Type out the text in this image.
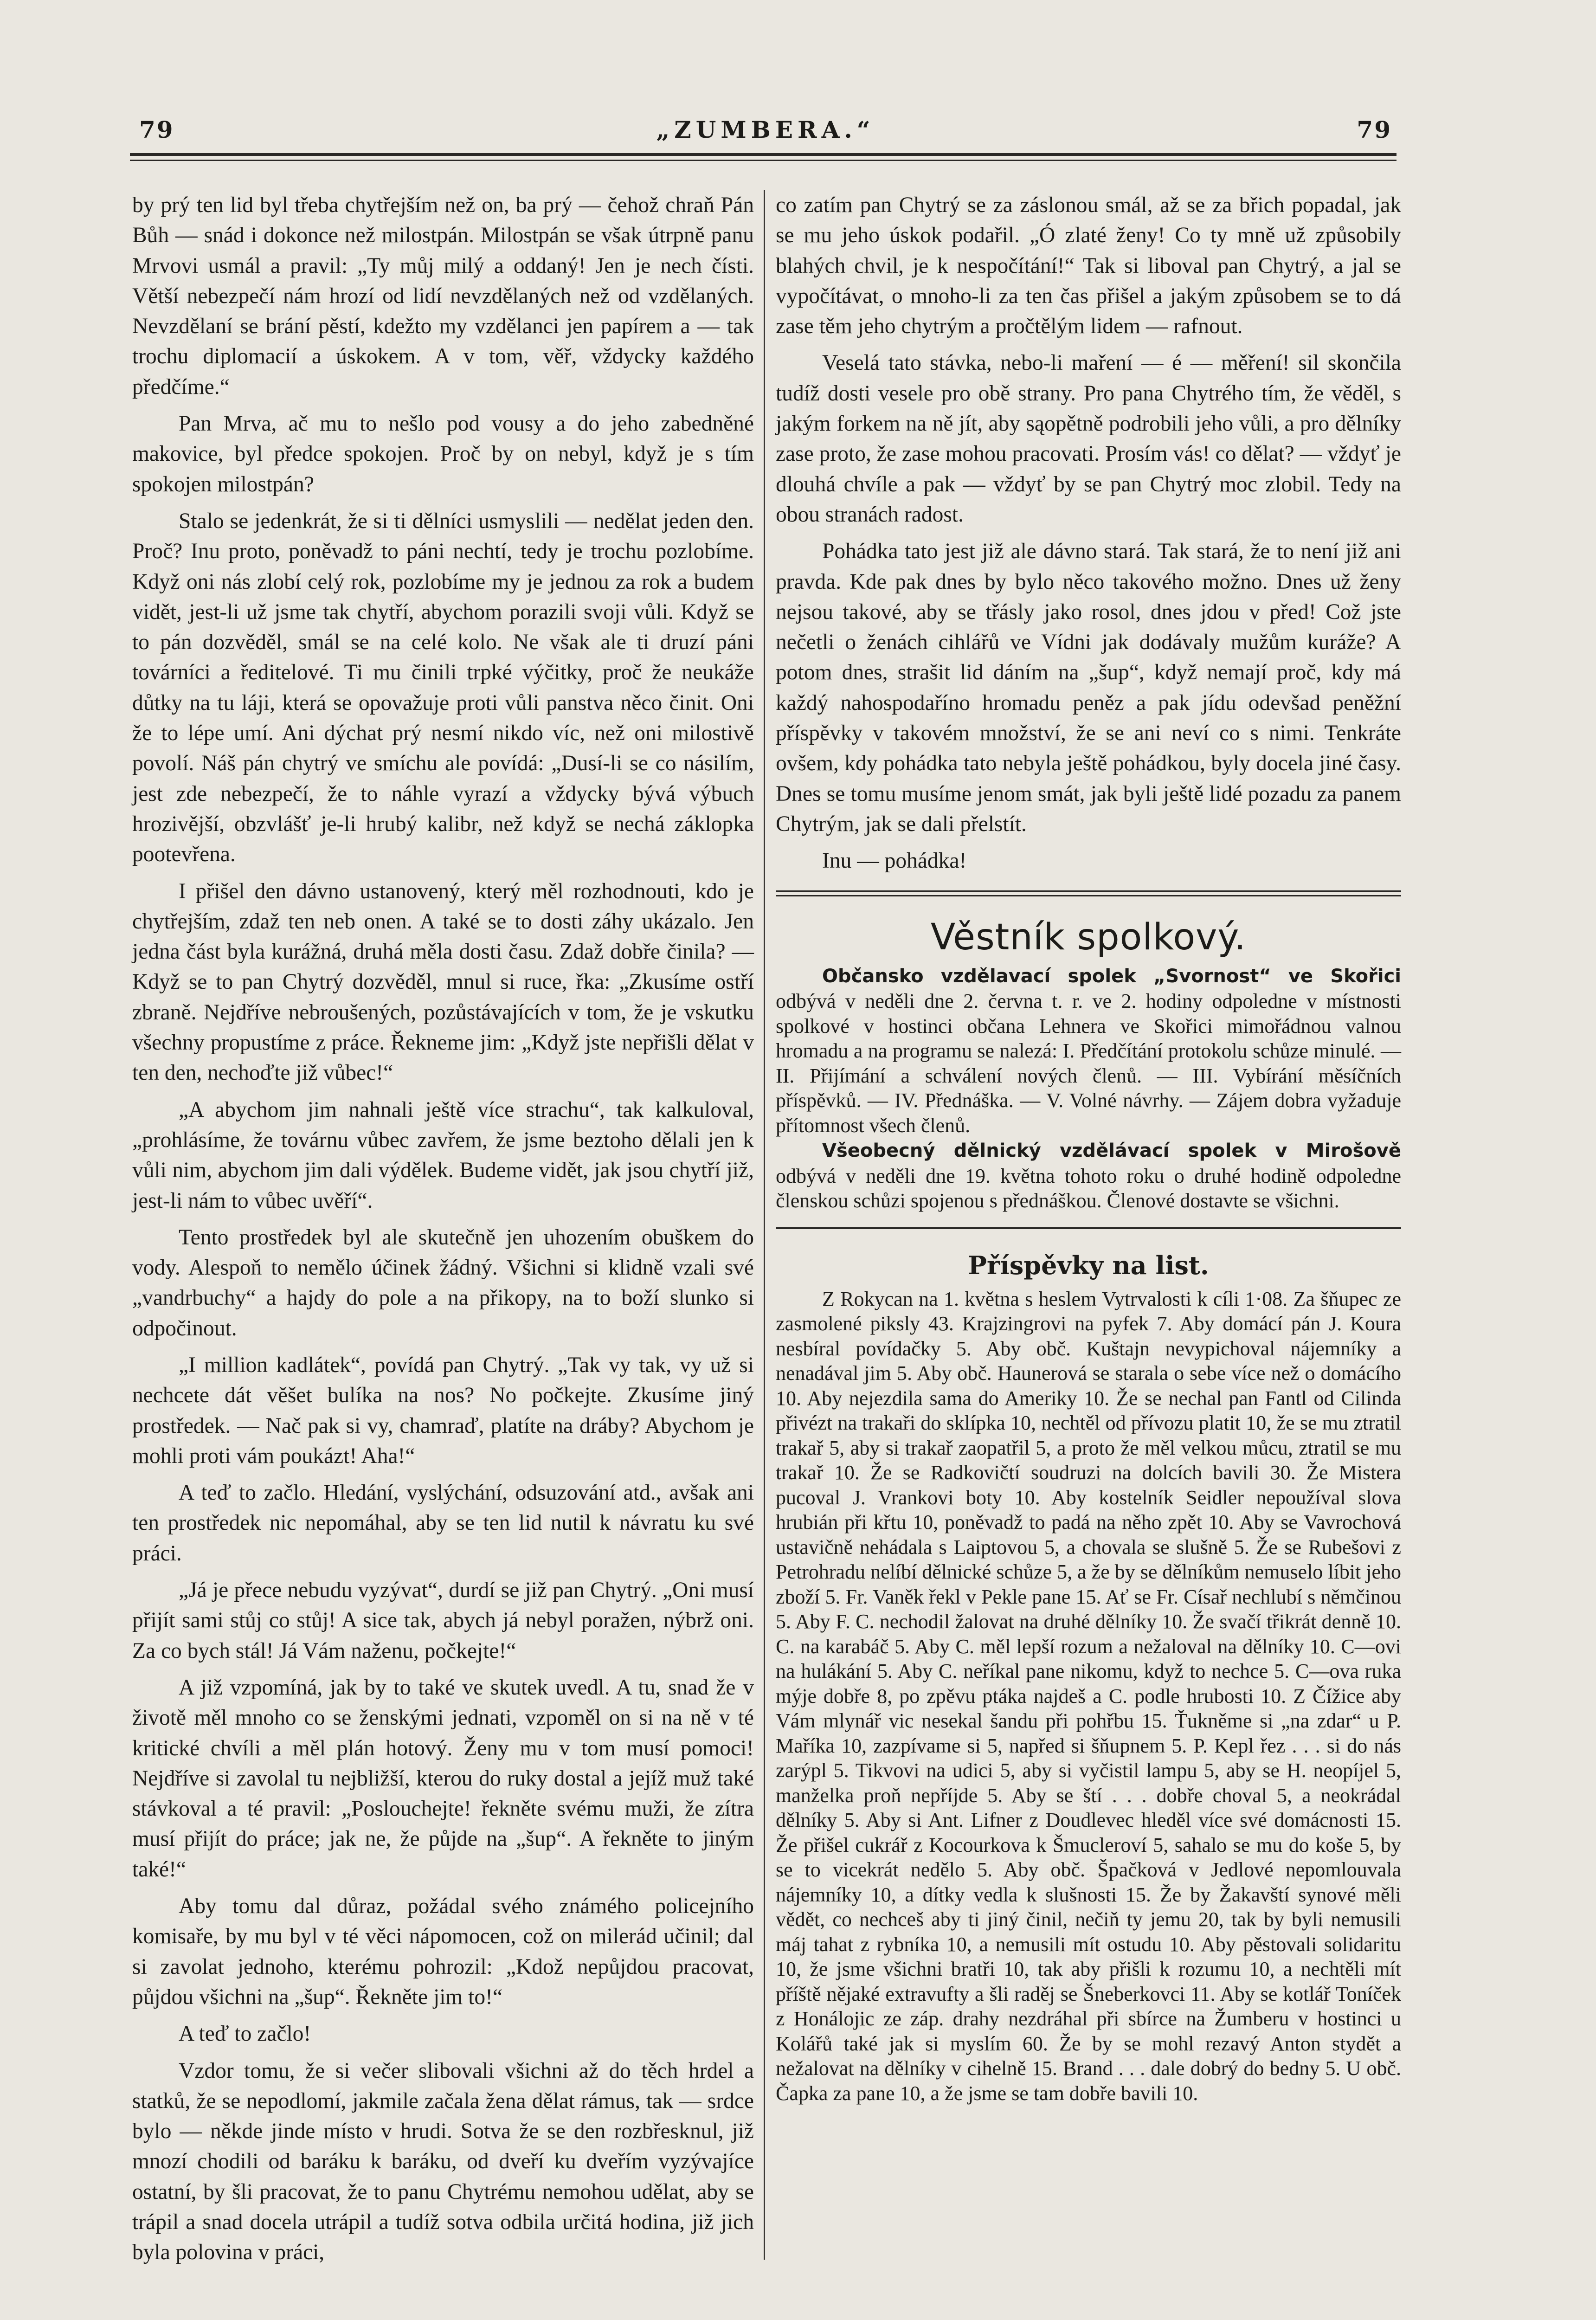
79	„ZUMBERA.“	79

by prý ten lid byl třeba chytřejším než on, ba prý — čehož chraň Pán Bůh — snád i dokonce než milostpán. Milostpán se však útrpně panu Mrvovi usmál a pravil: „Ty můj milý a oddaný! Jen je nech čísti. Větší nebezpečí nám hrozí od lidí nevzdělaných než od vzdělaných. Nevzdělaní se brání pěstí, kdežto my vzdělanci jen papírem a — tak trochu diplomacií a úskokem. A v tom, věř, vždycky každého předčíme.“

Pan Mrva, ač mu to nešlo pod vousy a do jeho zabedněné makovice, byl předce spokojen. Proč by on nebyl, když je s tím spokojen milostpán?

Stalo se jedenkrát, že si ti dělníci usmyslili — nedělat jeden den. Proč? Inu proto, poněvadž to páni nechtí, tedy je trochu pozlobíme. Když oni nás zlobí celý rok, pozlobíme my je jednou za rok a budem vidět, jest-li už jsme tak chytří, abychom porazili svoji vůli. Když se to pán dozvěděl, smál se na celé kolo. Ne však ale ti druzí páni továrníci a ředitelové. Ti mu činili trpké výčitky, proč že neukáže důtky na tu láji, která se opovažuje proti vůli panstva něco činit. Oni že to lépe umí. Ani dýchat prý nesmí nikdo víc, než oni milostivě povolí. Náš pán chytrý ve smíchu ale povídá: „Dusí-li se co násilím, jest zde nebezpečí, že to náhle vyrazí a vždycky bývá výbuch hrozivější, obzvlášť je-li hrubý kalibr, než když se nechá záklopka pootevřena.

I přišel den dávno ustanovený, který měl rozhodnouti, kdo je chytřejším, zdaž ten neb onen. A také se to dosti záhy ukázalo. Jen jedna část byla kurážná, druhá měla dosti času. Zdaž dobře činila? — Když se to pan Chytrý dozvěděl, mnul si ruce, řka: „Zkusíme ostří zbraně. Nejdříve nebroušených, pozůstávajících v tom, že je vskutku všechny propustíme z práce. Řekneme jim: „Když jste nepřišli dělat v ten den, nechoďte již vůbec!“

„A abychom jim nahnali ještě více strachu“, tak kalkuloval, „prohlásíme, že továrnu vůbec zavřem, že jsme beztoho dělali jen k vůli nim, abychom jim dali výdělek. Budeme vidět, jak jsou chytří již, jest-li nám to vůbec uvěří“.

Tento prostředek byl ale skutečně jen uhozením obuškem do vody. Alespoň to nemělo účinek žádný. Všichni si klidně vzali své „vandrbuchy“ a hajdy do pole a na přikopy, na to boží slunko si odpočinout.

„I million kadlátek“, povídá pan Chytrý. „Tak vy tak, vy už si nechcete dát věšet bulíka na nos? No počkejte. Zkusíme jiný prostředek. — Nač pak si vy, chamraď, platíte na dráby? Abychom je mohli proti vám poukázt! Aha!“

A teď to začlo. Hledání, vyslýchání, odsuzování atd., avšak ani ten prostředek nic nepomáhal, aby se ten lid nutil k návratu ku své práci.

„Já je přece nebudu vyzývat“, durdí se již pan Chytrý. „Oni musí přijít sami stůj co stůj! A sice tak, abych já nebyl poražen, nýbrž oni. Za co bych stál! Já Vám naženu, počkejte!“

A již vzpomíná, jak by to také ve skutek uvedl. A tu, snad že v životě měl mnoho co se ženskými jednati, vzpoměl on si na ně v té kritické chvíli a měl plán hotový. Ženy mu v tom musí pomoci! Nejdříve si zavolal tu nejbližší, kterou do ruky dostal a jejíž muž také stávkoval a té pravil: „Poslouchejte! řekněte svému muži, že zítra musí přijít do práce; jak ne, že půjde na „šup“. A řekněte to jiným také!“

Aby tomu dal důraz, požádal svého známého policejního komisaře, by mu byl v té věci nápomocen, což on milerád učinil; dal si zavolat jednoho, kterému pohrozil: „Kdož nepůjdou pracovat, půjdou všichni na „šup“. Řekněte jim to!“

A teď to začlo!

Vzdor tomu, že si večer slibovali všichni až do těch hrdel a statků, že se nepodlomí, jakmile začala žena dělat rámus, tak — srdce bylo — někde jinde místo v hrudi. Sotva že se den rozbřesknul, již mnozí chodili od baráku k baráku, od dveří ku dveřím vyzývajíce ostatní, by šli pracovat, že to panu Chytrému nemohou udělat, aby se trápil a snad docela utrápil a tudíž sotva odbila určitá hodina, již jich byla polovina v práci,

co zatím pan Chytrý se za záslonou smál, až se za břich popadal, jak se mu jeho úskok podařil. „Ó zlaté ženy! Co ty mně už způsobily blahých chvil, je k nespočítání!“ Tak si liboval pan Chytrý, a jal se vypočítávat, o mnoho-li za ten čas přišel a jakým způsobem se to dá zase těm jeho chytrým a pročtělým lidem — rafnout.

Veselá tato stávka, nebo-li maření — é — měření! sil skončila tudíž dosti vesele pro obě strany. Pro pana Chytrého tím, že věděl, s jakým forkem na ně jít, aby sąopětně podrobili jeho vůli, a pro dělníky zase proto, že zase mohou pracovati. Prosím vás! co dělat? — vždyť je dlouhá chvíle a pak — vždyť by se pan Chytrý moc zlobil. Tedy na obou stranách radost.

Pohádka tato jest již ale dávno stará. Tak stará, že to není již ani pravda. Kde pak dnes by bylo něco takového možno. Dnes už ženy nejsou takové, aby se třásly jako rosol, dnes jdou v před! Což jste nečetli o ženách cihlářů ve Vídni jak dodávaly mužům kuráže? A potom dnes, strašit lid dáním na „šup“, když nemají proč, kdy má každý nahospodaříno hromadu peněz a pak jídu odevšad peněžní příspěvky v takovém množství, že se ani neví co s nimi. Tenkráte ovšem, kdy pohádka tato nebyla ještě pohádkou, byly docela jiné časy. Dnes se tomu musíme jenom smát, jak byli ještě lidé pozadu za panem Chytrým, jak se dali přelstít.

Inu — pohádka!

Věstník spolkový.

Občansko vzdělavací spolek „Svornost“ ve Skořici odbývá v neděli dne 2. června t. r. ve 2. hodiny odpoledne v místnosti spolkové v hostinci občana Lehnera ve Skořici mimořádnou valnou hromadu a na programu se nalezá: I. Předčítání protokolu schůze minulé. — II. Přijímání a schválení nových členů. — III. Vybírání měsíčních příspěvků. — IV. Přednáška. — V. Volné návrhy. — Zájem dobra vyžaduje přítomnost všech členů.

Všeobecný dělnický vzdělávací spolek v Mirošově odbývá v neděli dne 19. května tohoto roku o druhé hodině odpoledne členskou schůzi spojenou s přednáškou. Členové dostavte se všichni.

Příspěvky na list.

Z Rokycan na 1. května s heslem Vytrvalosti k cíli 1·08. Za šňupec ze zasmolené piksly 43. Krajzingrovi na pyfek 7. Aby domácí pán J. Koura nesbíral povídačky 5. Aby obč. Kuštajn nevypichoval nájemníky a nenadával jim 5. Aby obč. Haunerová se starala o sebe více než o domácího 10. Aby nejezdila sama do Ameriky 10. Že se nechal pan Fantl od Cilinda přivézt na trakaři do sklípka 10, nechtěl od přívozu platit 10, že se mu ztratil trakař 5, aby si trakař zaopatřil 5, a proto že měl velkou můcu, ztratil se mu trakař 10. Že se Radkovičtí soudruzi na dolcích bavili 30. Že Mistera pucoval J. Vrankovi boty 10. Aby kostelník Seidler nepoužíval slova hrubián při křtu 10, poněvadž to padá na něho zpět 10. Aby se Vavrochová ustavičně nehádala s Laiptovou 5, a chovala se slušně 5. Že se Rubešovi z Petrohradu nelíbí dělnické schůze 5, a že by se dělníkům nemuselo líbit jeho zboží 5. Fr. Vaněk řekl v Pekle pane 15. Ať se Fr. Císař nechlubí s němčinou 5. Aby F. C. nechodil žalovat na druhé dělníky 10. Že svačí třikrát denně 10. C. na karabáč 5. Aby C. měl lepší rozum a nežaloval na dělníky 10. C—ovi na hulákání 5. Aby C. neříkal pane nikomu, když to nechce 5. C—ova ruka mýje dobře 8, po zpěvu ptáka najdeš a C. podle hrubosti 10. Z Čížice aby Vám mlynář vic nesekal šandu při pohřbu 15. Ťukněme si „na zdar“ u P. Maříka 10, zazpívame si 5, napřed si šňupnem 5. P. Kepl řez . . . si do nás zarýpl 5. Tikvovi na udici 5, aby si vyčistil lampu 5, aby se H. neopíjel 5, manželka proň nepříjde 5. Aby se ští . . . dobře choval 5, a neokrádal dělníky 5. Aby si Ant. Lifner z Doudlevec hleděl více své domácnosti 15. Že přišel cukrář z Kocourkova k Šmucleroví 5, sahalo se mu do koše 5, by se to vicekrát nedělo 5. Aby obč. Špačková v Jedlové nepomlouvala nájemníky 10, a dítky vedla k slušnosti 15. Že by Žakavští synové měli vědět, co nechceš aby ti jiný činil, nečiň ty jemu 20, tak by byli nemusili máj tahat z rybníka 10, a nemusili mít ostudu 10. Aby pěstovali solidaritu 10, že jsme všichni bratři 10, tak aby přišli k rozumu 10, a nechtěli mít příště nějaké extravufty a šli raděj se Šneberkovci 11. Aby se kotlář Toníček z Honálojic ze záp. drahy nezdráhal při sbírce na Žumberu v hostinci u Kolářů také jak si myslím 60. Že by se mohl rezavý Anton stydět a nežalovat na dělníky v cihelně 15. Brand . . . dale dobrý do bedny 5. U obč. Čapka za pane 10, a že jsme se tam dobře bavili 10.
